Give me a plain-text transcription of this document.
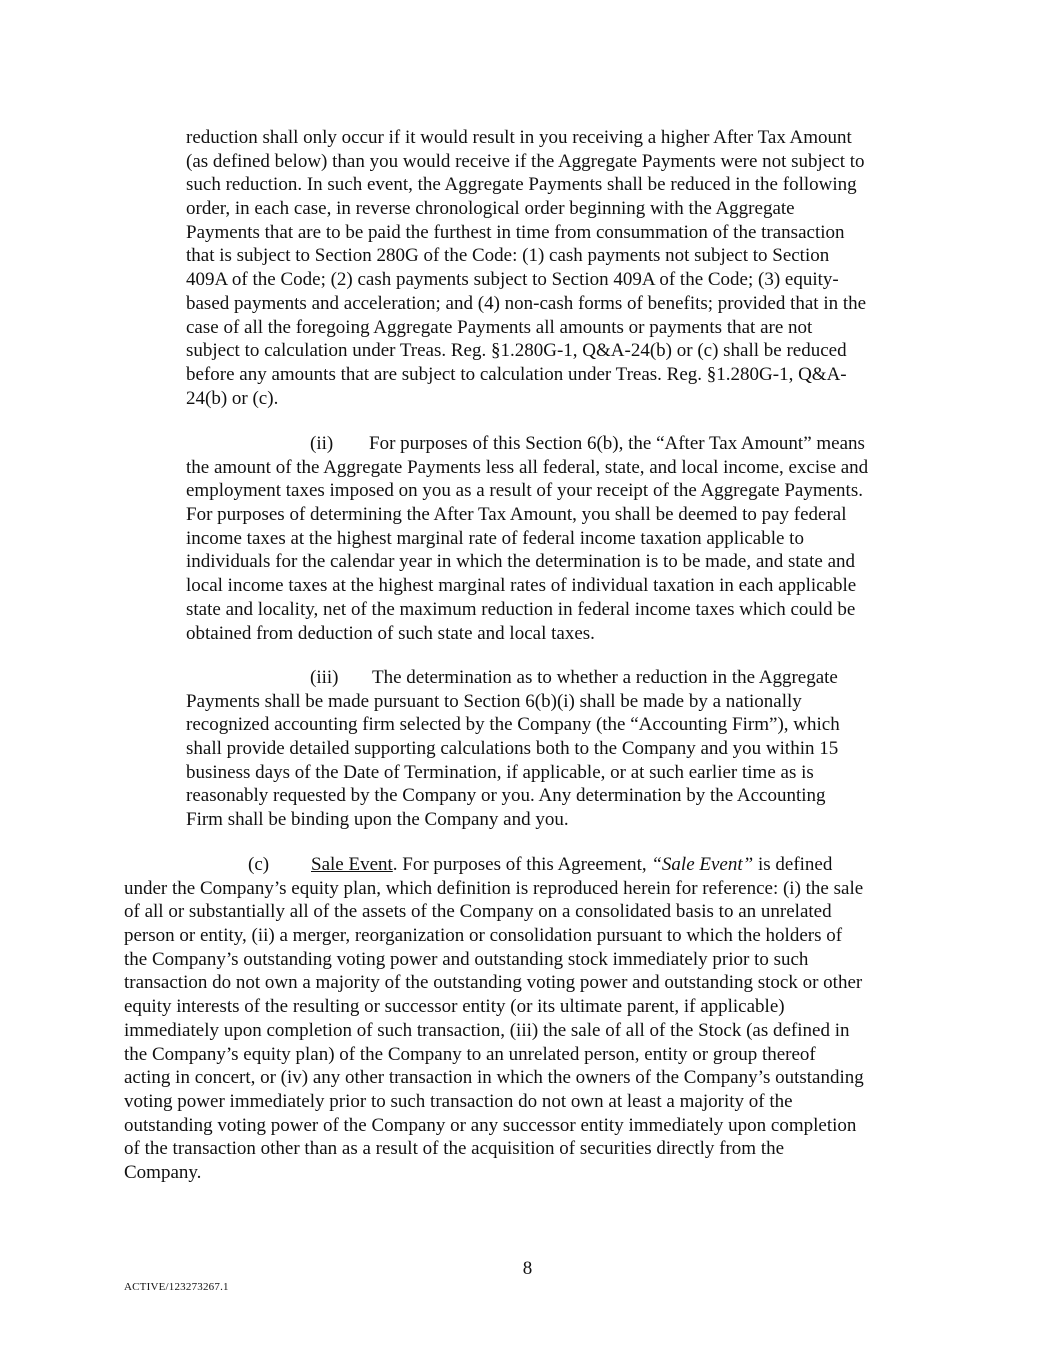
reduction shall only occur if it would result in you receiving a higher After Tax Amount
(as defined below) than you would receive if the Aggregate Payments were not subject to
such reduction. In such event, the Aggregate Payments shall be reduced in the following
order, in each case, in reverse chronological order beginning with the Aggregate
Payments that are to be paid the furthest in time from consummation of the transaction
that is subject to Section 280G of the Code: (1) cash payments not subject to Section
409A of the Code; (2) cash payments subject to Section 409A of the Code; (3) equity-
based payments and acceleration; and (4) non-cash forms of benefits; provided that in the
case of all the foregoing Aggregate Payments all amounts or payments that are not
subject to calculation under Treas. Reg. §1.280G-1, Q&A-24(b) or (c) shall be reduced
before any amounts that are subject to calculation under Treas. Reg. §1.280G-1, Q&A-
24(b) or (c).
(ii) For purposes of this Section 6(b), the “After Tax Amount” means
the amount of the Aggregate Payments less all federal, state, and local income, excise and
employment taxes imposed on you as a result of your receipt of the Aggregate Payments.
For purposes of determining the After Tax Amount, you shall be deemed to pay federal
income taxes at the highest marginal rate of federal income taxation applicable to
individuals for the calendar year in which the determination is to be made, and state and
local income taxes at the highest marginal rates of individual taxation in each applicable
state and locality, net of the maximum reduction in federal income taxes which could be
obtained from deduction of such state and local taxes.
(iii) The determination as to whether a reduction in the Aggregate
Payments shall be made pursuant to Section 6(b)(i) shall be made by a nationally
recognized accounting firm selected by the Company (the “Accounting Firm”), which
shall provide detailed supporting calculations both to the Company and you within 15
business days of the Date of Termination, if applicable, or at such earlier time as is
reasonably requested by the Company or you. Any determination by the Accounting
Firm shall be binding upon the Company and you.
(c) Sale Event. For purposes of this Agreement, “Sale Event” is defined
under the Company’s equity plan, which definition is reproduced herein for reference: (i) the sale
of all or substantially all of the assets of the Company on a consolidated basis to an unrelated
person or entity, (ii) a merger, reorganization or consolidation pursuant to which the holders of
the Company’s outstanding voting power and outstanding stock immediately prior to such
transaction do not own a majority of the outstanding voting power and outstanding stock or other
equity interests of the resulting or successor entity (or its ultimate parent, if applicable)
immediately upon completion of such transaction, (iii) the sale of all of the Stock (as defined in
the Company’s equity plan) of the Company to an unrelated person, entity or group thereof
acting in concert, or (iv) any other transaction in which the owners of the Company’s outstanding
voting power immediately prior to such transaction do not own at least a majority of the
outstanding voting power of the Company or any successor entity immediately upon completion
of the transaction other than as a result of the acquisition of securities directly from the
Company.
8
ACTIVE/123273267.1
